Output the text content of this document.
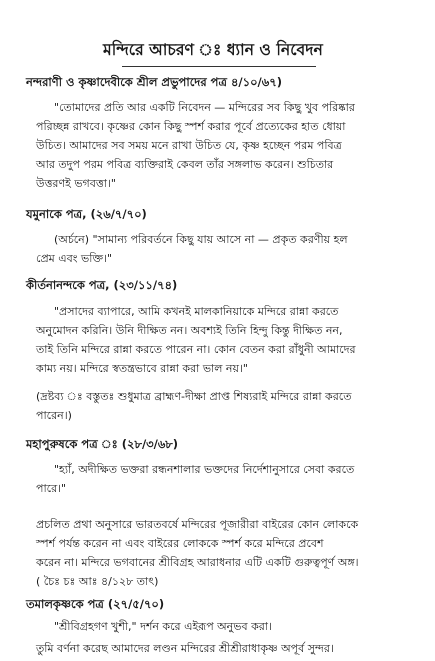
মন্দিরে আচরণ ঃ ধ্যান ও নিবেদন
নন্দরাণী ও কৃষ্ণাদেবীকে শ্রীল প্রভুপাদের পত্র ৪/১০/৬৭)
"তোমাদের প্রতি আর একটি নিবেদন — মন্দিরের সব কিছু খুব পরিষ্কার
পরিচ্ছন্ন রাখবে। কৃষ্ণের কোন কিছু স্পর্শ করার পূর্বে প্রত্যেকের হাত ধোয়া
উচিত। আমাদের সব সময় মনে রাখা উচিত যে, কৃষ্ণ হচ্ছেন পরম পবিত্র
আর তদুপ পরম পবিত্র ব্যক্তিরাই কেবল তাঁর সঙ্গলাভ করেন। শুচিতার
উত্তরণই ভগবত্তা।"
যমুনাকে পত্র, (২৬/৭/৭০)
(অর্চনে) "সামান্য পরিবর্তনে কিছু যায় আসে না — প্রকৃত করণীয় হল
প্রেম এবং ভক্তি।"
কীর্তনানন্দকে পত্র, (২৩/১১/৭৪)
"প্রসাদের ব্যাপারে, আমি কখনই মালকানিয়াকে মন্দিরে রান্না করতে
অনুমোদন করিনি। উনি দীক্ষিত নন। অবশ্যই তিনি হিন্দু কিন্তু দীক্ষিত নন,
তাই তিনি মন্দিরে রান্না করতে পারেন না। কোন বেতন করা রাঁধুনী আমাদের
কাম্য নয়। মন্দিরে স্বতন্ত্রভাবে রান্না করা ভাল নয়।"
(দ্রষ্টব্য ঃ বস্তুতঃ শুধুমাত্র ব্রাহ্মণ-দীক্ষা প্রাপ্ত শিষ্যরাই মন্দিরে রান্না করতে
পারেন।)
মহাপুরুষকে পত্র ঃ (২৮/৩/৬৮)
"হ্যাঁ, অদীক্ষিত ভক্তরা রন্ধনশালার ভক্তদের নির্দেশানুসারে সেবা করতে
পারে।"
প্রচলিত প্রথা অনুসারে ভারতবর্ষে মন্দিরের পূজারীরা বাইরের কোন লোককে
স্পর্শ পর্যন্ত করেন না এবং বাইরের লোককে স্পর্শ করে মন্দিরে প্রবেশ
করেন না। মন্দিরে ভগবানের শ্রীবিগ্রহ আরাধনার এটি একটি গুরুত্বপূর্ণ অঙ্গ।
( চৈঃ চঃ আঃ ৪/১২৮ তাৎ)
তমালকৃষ্ণকে পত্র (২৭/৫/৭০)
"শ্রীবিগ্রহগণ খুশী," দর্শন করে এইরূপ অনুভব করা।
তুমি বর্ণনা করেছ আমাদের লণ্ডন মন্দিরের শ্রীশ্রীরাধাকৃষ্ণ অপূর্ব সুন্দর।
